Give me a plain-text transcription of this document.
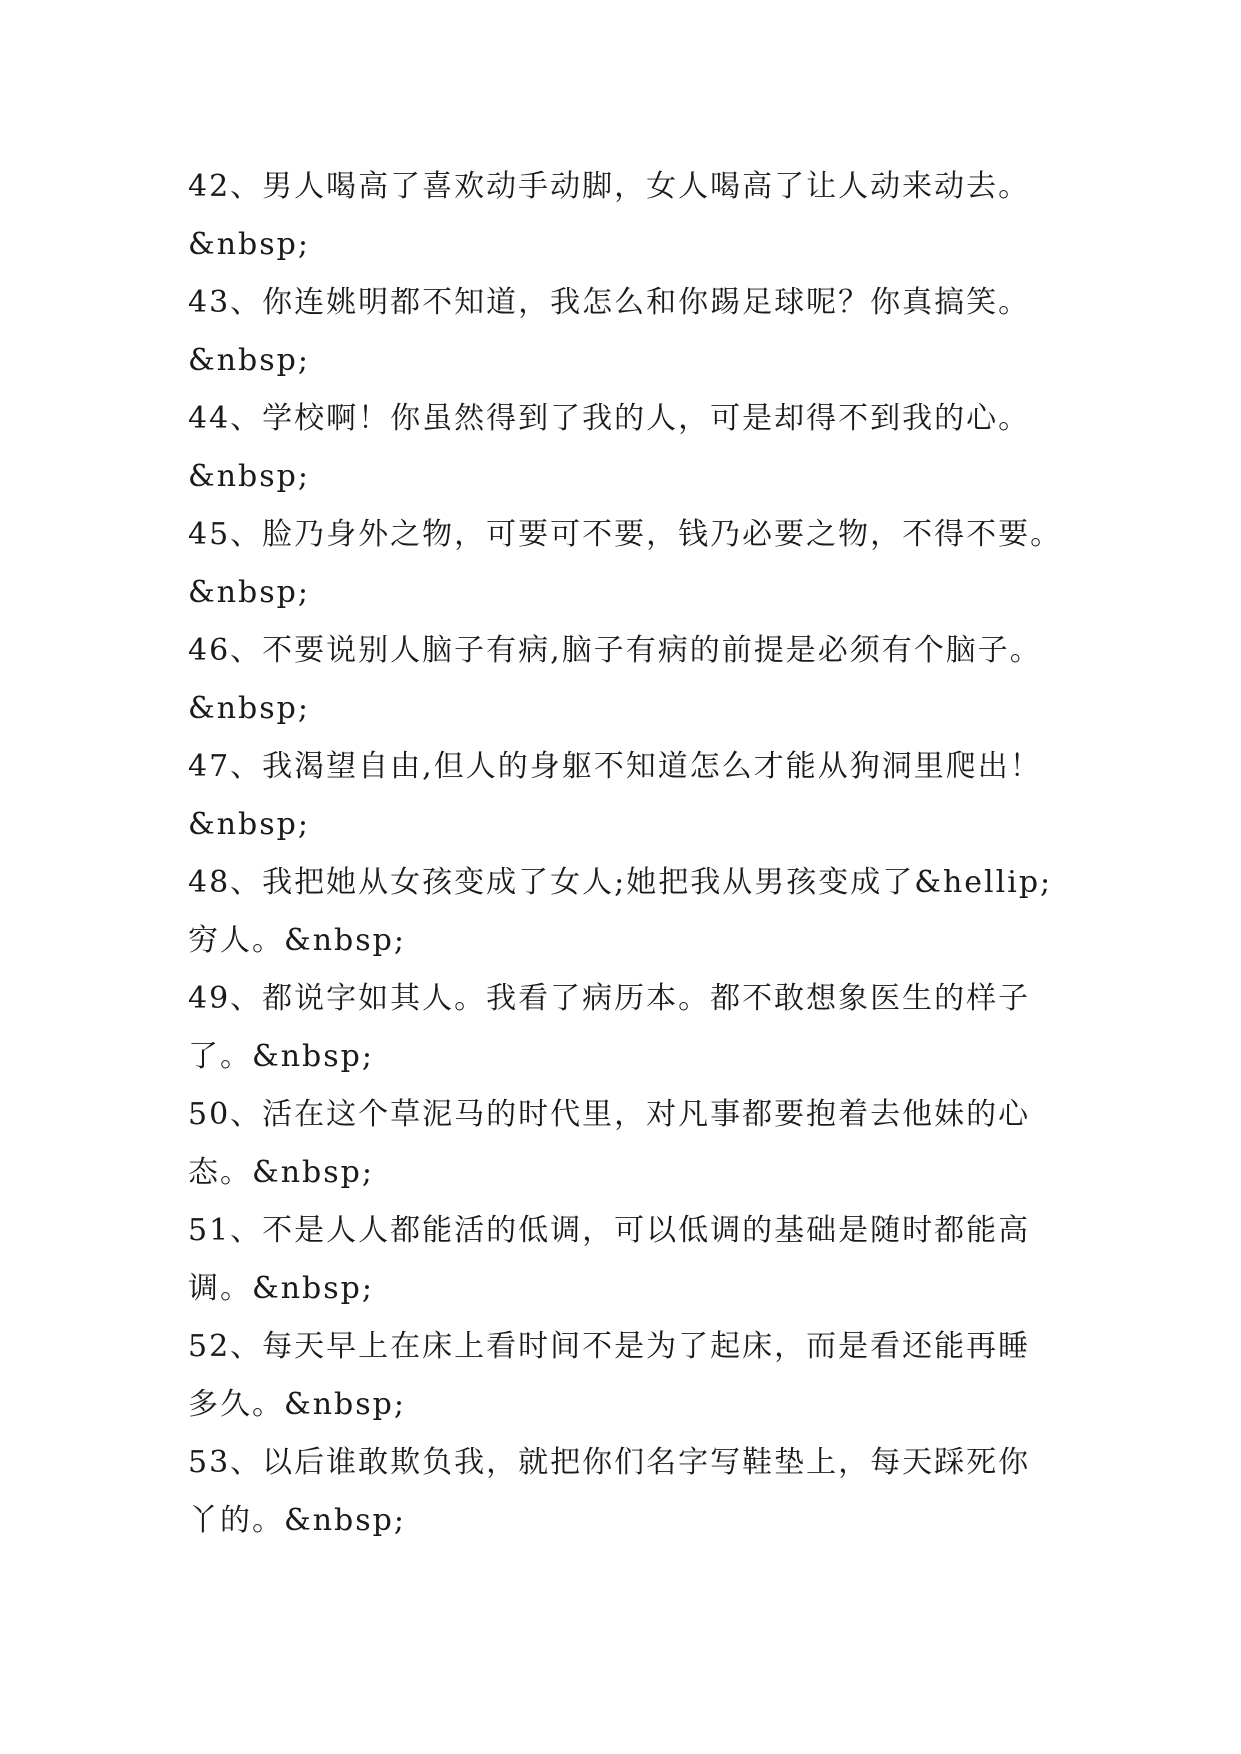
42、男人喝高了喜欢动手动脚，女人喝高了让人动来动去。
&nbsp;
43、你连姚明都不知道，我怎么和你踢足球呢？你真搞笑。
&nbsp;
44、学校啊！你虽然得到了我的人，可是却得不到我的心。
&nbsp;
45、脸乃身外之物，可要可不要，钱乃必要之物，不得不要。
&nbsp;
46、不要说别人脑子有病,脑子有病的前提是必须有个脑子。
&nbsp;
47、我渴望自由,但人的身躯不知道怎么才能从狗洞里爬出！
&nbsp;
48、我把她从女孩变成了女人;她把我从男孩变成了&hellip;
穷人。&nbsp;
49、都说字如其人。我看了病历本。都不敢想象医生的样子
了。&nbsp;
50、活在这个草泥马的时代里，对凡事都要抱着去他妹的心
态。&nbsp;
51、不是人人都能活的低调，可以低调的基础是随时都能高
调。&nbsp;
52、每天早上在床上看时间不是为了起床，而是看还能再睡
多久。&nbsp;
53、以后谁敢欺负我，就把你们名字写鞋垫上，每天踩死你
丫的。&nbsp;
